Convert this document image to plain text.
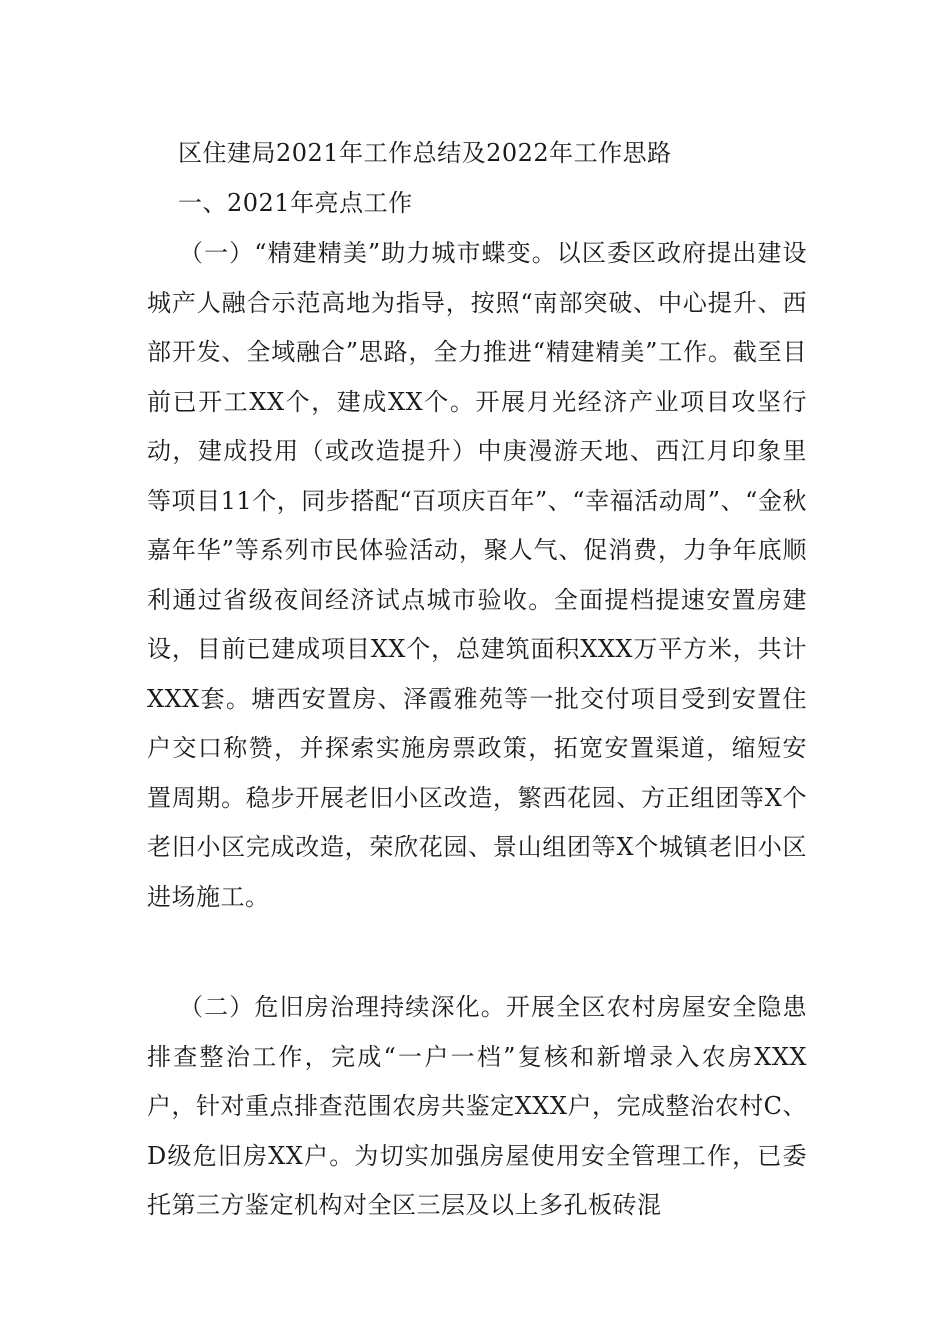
区住建局2021年工作总结及2022年工作思路
一、2021年亮点工作
（一）“精建精美”助力城市蝶变。以区委区政府提出建设城产人融合示范高地为指导，按照“南部突破、中心提升、西部开发、全域融合”思路，全力推进“精建精美”工作。截至目前已开工XX个，建成XX个。开展月光经济产业项目攻坚行动，建成投用（或改造提升）中庚漫游天地、西江月印象里等项目11个，同步搭配“百项庆百年”、“幸福活动周”、“金秋嘉年华”等系列市民体验活动，聚人气、促消费，力争年底顺利通过省级夜间经济试点城市验收。全面提档提速安置房建设，目前已建成项目XX个，总建筑面积XXX万平方米，共计XXX套。塘西安置房、泽霞雅苑等一批交付项目受到安置住户交口称赞，并探索实施房票政策，拓宽安置渠道，缩短安置周期。稳步开展老旧小区改造，繁西花园、方正组团等X个老旧小区完成改造，荣欣花园、景山组团等X个城镇老旧小区进场施工。
（二）危旧房治理持续深化。开展全区农村房屋安全隐患排查整治工作，完成“一户一档”复核和新增录入农房XXX户，针对重点排查范围农房共鉴定XXX户，完成整治农村C、D级危旧房XX户。为切实加强房屋使用安全管理工作，已委托第三方鉴定机构对全区三层及以上多孔板砖混
